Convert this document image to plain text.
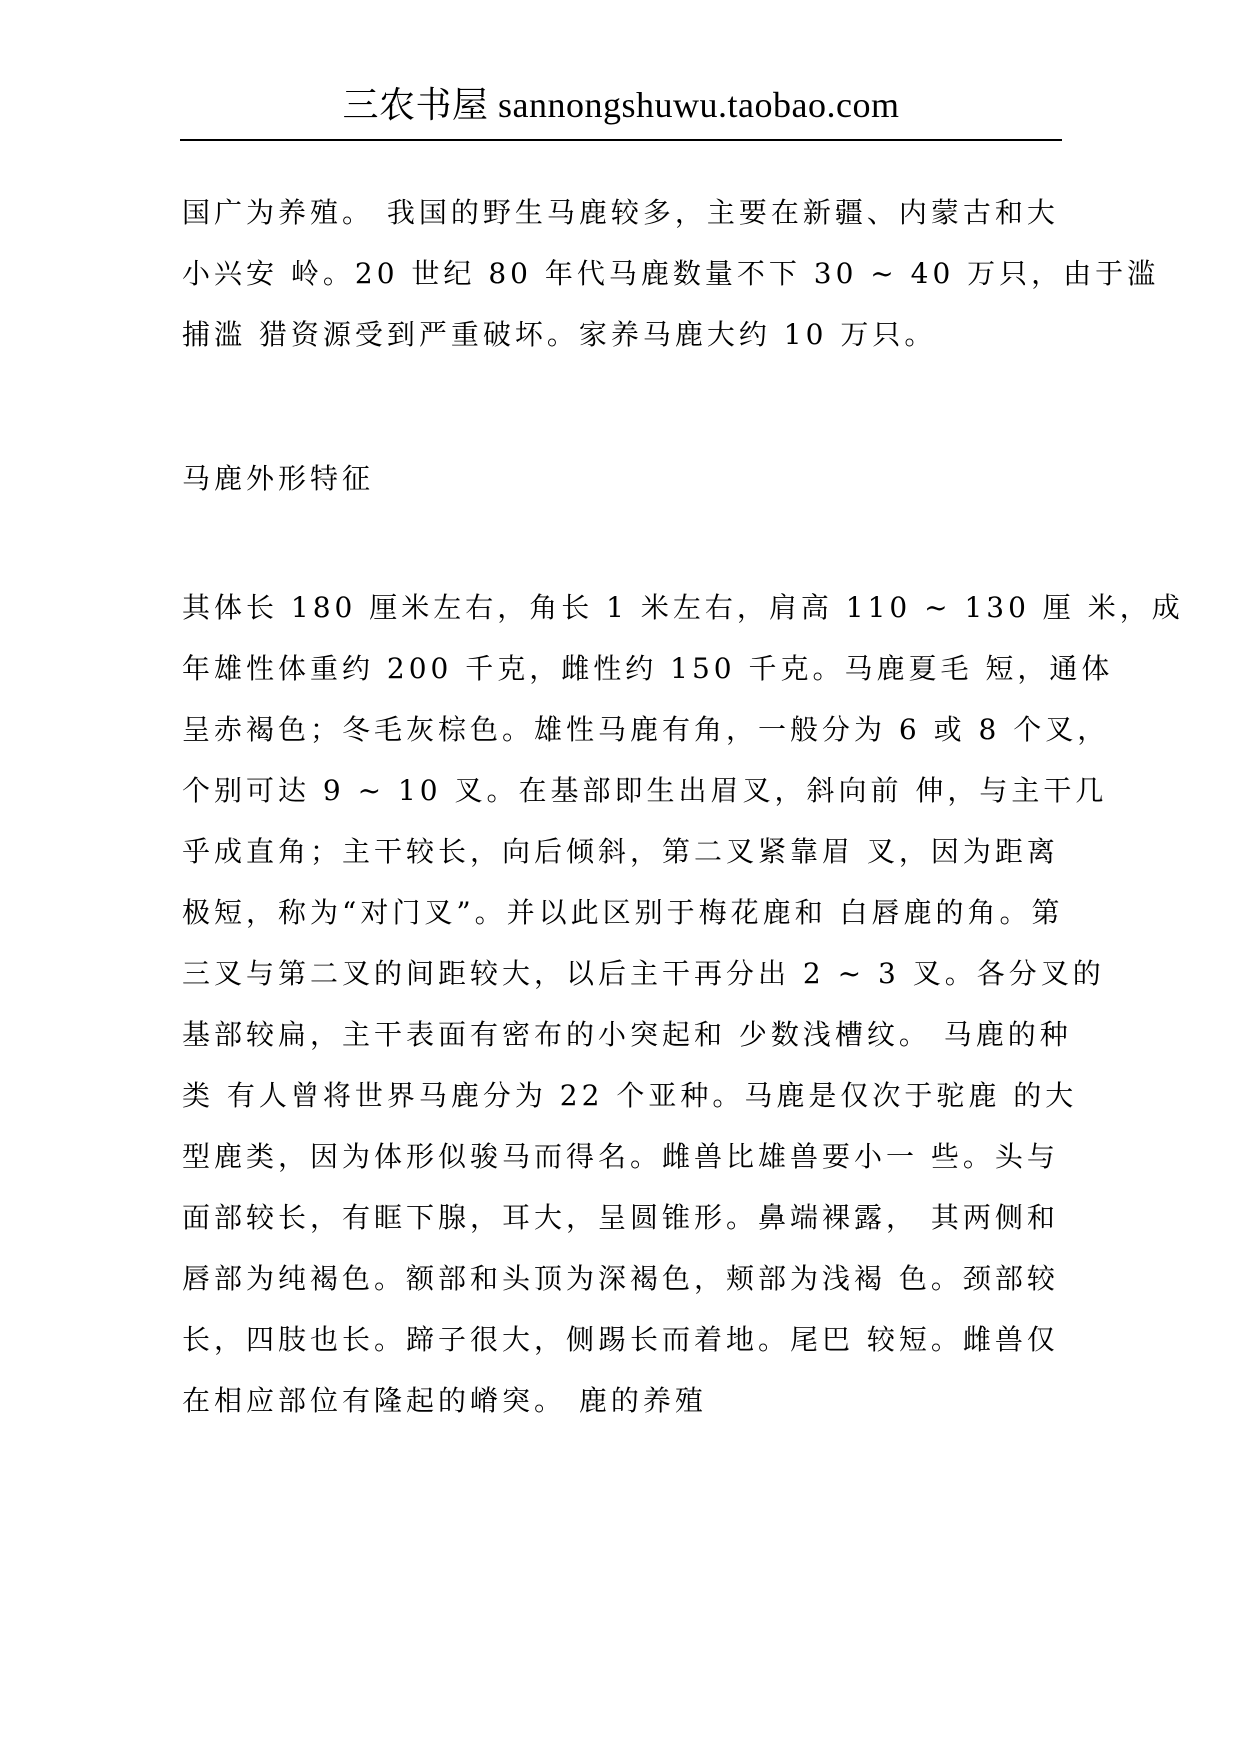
三农书屋 sannongshuwu.taobao.com
国广为养殖。 我国的野生马鹿较多，主要在新疆、内蒙古和大
小兴安 岭。20 世纪 80 年代马鹿数量不下 30 ~ 40 万只，由于滥
捕滥 猎资源受到严重破坏。家养马鹿大约 10 万只。
马鹿外形特征
其体长 180 厘米左右，角长 1 米左右，肩高 110 ~ 130 厘 米，成
年雄性体重约 200 千克，雌性约 150 千克。马鹿夏毛 短，通体
呈赤褐色；冬毛灰棕色。雄性马鹿有角，一般分为 6 或 8 个叉，
个别可达 9 ~ 10 叉。在基部即生出眉叉，斜向前 伸，与主干几
乎成直角；主干较长，向后倾斜，第二叉紧靠眉 叉，因为距离
极短，称为“对门叉”。并以此区别于梅花鹿和 白唇鹿的角。第
三叉与第二叉的间距较大，以后主干再分出 2 ~ 3 叉。各分叉的
基部较扁，主干表面有密布的小突起和 少数浅槽纹。 马鹿的种
类 有人曾将世界马鹿分为 22 个亚种。马鹿是仅次于驼鹿 的大
型鹿类，因为体形似骏马而得名。雌兽比雄兽要小一 些。头与
面部较长，有眶下腺，耳大，呈圆锥形。鼻端裸露， 其两侧和
唇部为纯褐色。额部和头顶为深褐色，颊部为浅褐 色。颈部较
长，四肢也长。蹄子很大，侧踢长而着地。尾巴 较短。雌兽仅
在相应部位有隆起的嵴突。 鹿的养殖
